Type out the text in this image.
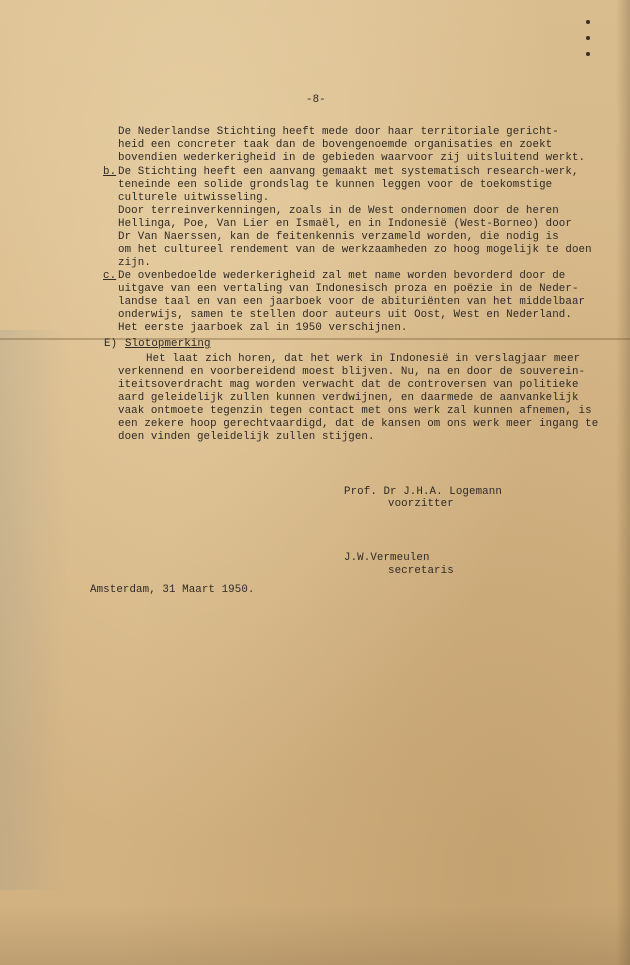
-8-

De Nederlandse Stichting heeft mede door haar territoriale gericht-

heid een concreter taak dan de bovengenoemde organisaties en zoekt

bovendien wederkerigheid in de gebieden waarvoor zij uitsluitend werkt.

b. De Stichting heeft een aanvang gemaakt met systematisch research-werk,

teneinde een solide grondslag te kunnen leggen voor de toekomstige

culturele uitwisseling.

Door terreinverkenningen, zoals in de West ondernomen door de heren

Hellinga, Poe, Van Lier en Ismaël, en in Indonesië (West-Borneo) door

Dr Van Naerssen, kan de feitenkennis verzameld worden, die nodig is

om het cultureel rendement van de werkzaamheden zo hoog mogelijk te doen

zijn.

c. De ovenbedoelde wederkerigheid zal met name worden bevorderd door de

uitgave van een vertaling van Indonesisch proza en poëzie in de Neder-

landse taal en van een jaarboek voor de abituriënten van het middelbaar

onderwijs, samen te stellen door auteurs uit Oost, West en Nederland.

Het eerste jaarboek zal in 1950 verschijnen.

E) Slotopmerking

Het laat zich horen, dat het werk in Indonesië in verslagjaar meer

verkennend en voorbereidend moest blijven. Nu, na en door de souverein-

iteitsoverdracht mag worden verwacht dat de controversen van politieke

aard geleidelijk zullen kunnen verdwijnen, en daarmede de aanvankelijk

vaak ontmoete tegenzin tegen contact met ons werk zal kunnen afnemen, is

een zekere hoop gerechtvaardigd, dat de kansen om ons werk meer ingang te

doen vinden geleidelijk zullen stijgen.

Prof. Dr J.H.A. Logemann

voorzitter

J.W.Vermeulen

secretaris

Amsterdam, 31 Maart 1950.
